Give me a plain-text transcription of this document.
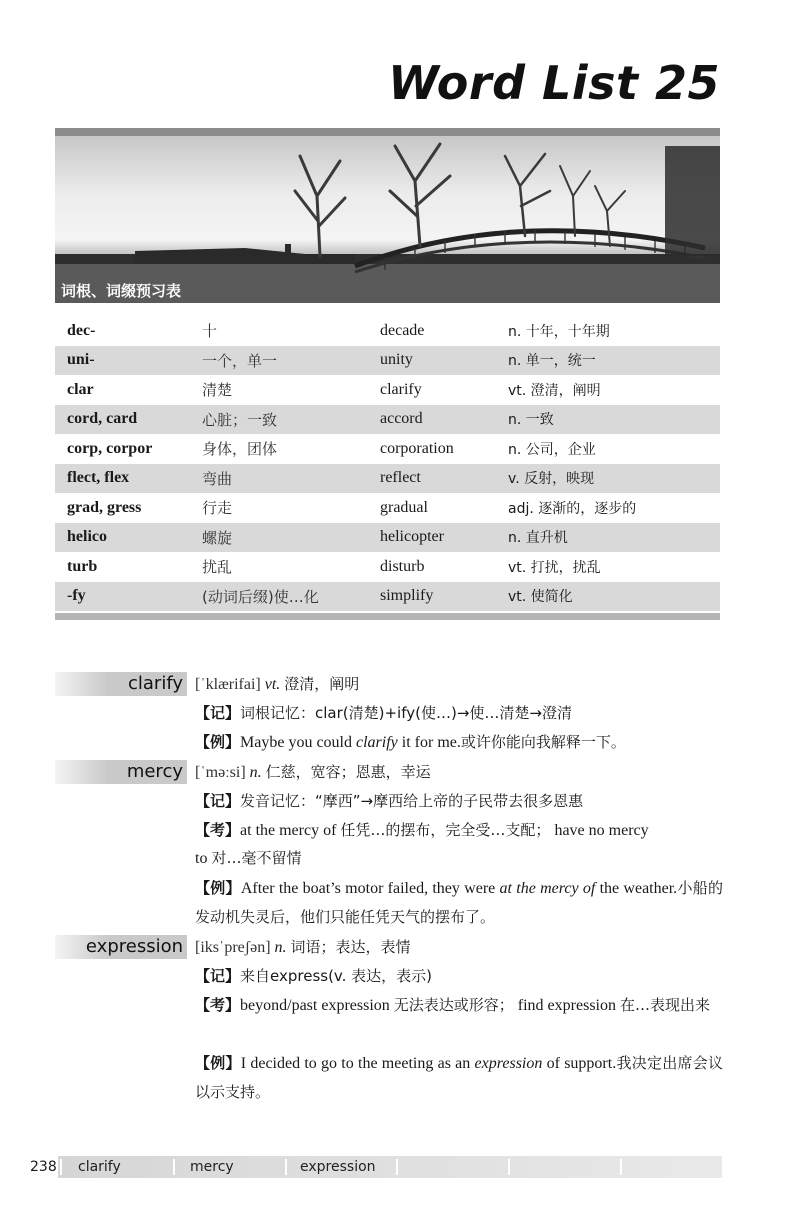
Word List 25
词根、词缀预习表
dec-	十	decade	n. 十年，十年期
uni-	一个，单一	unity	n. 单一，统一
clar	清楚	clarify	vt. 澄清，阐明
cord, card	心脏；一致	accord	n. 一致
corp, corpor	身体，团体	corporation	n. 公司，企业
flect, flex	弯曲	reflect	v. 反射，映现
grad, gress	行走	gradual	adj. 逐渐的，逐步的
helico	螺旋	helicopter	n. 直升机
turb	扰乱	disturb	vt. 打扰，扰乱
-fy	(动词后缀)使…化	simplify	vt. 使简化
clarify [ˈklærifai] vt. 澄清，阐明
【记】词根记忆：clar(清楚)+ify(使…)→使…清楚→澄清
【例】Maybe you could clarify it for me.或许你能向我解释一下。
mercy [ˈməːsi] n. 仁慈，宽容；恩惠，幸运
【记】发音记忆：“摩西”→摩西给上帝的子民带去很多恩惠
【考】at the mercy of 任凭…的摆布，完全受…支配； have no mercy
to 对…毫不留情
【例】After the boat’s motor failed, they were at the mercy of the weather.小船的发动机失灵后，他们只能任凭天气的摆布了。
expression [iksˈpreʃən] n. 词语；表达，表情
【记】来自express(v. 表达，表示)
【考】beyond/past expression 无法表达或形容； find expression 在…表现出来
【例】I decided to go to the meeting as an expression of support.我决定出席会议以示支持。
238 clarify	mercy	expression
